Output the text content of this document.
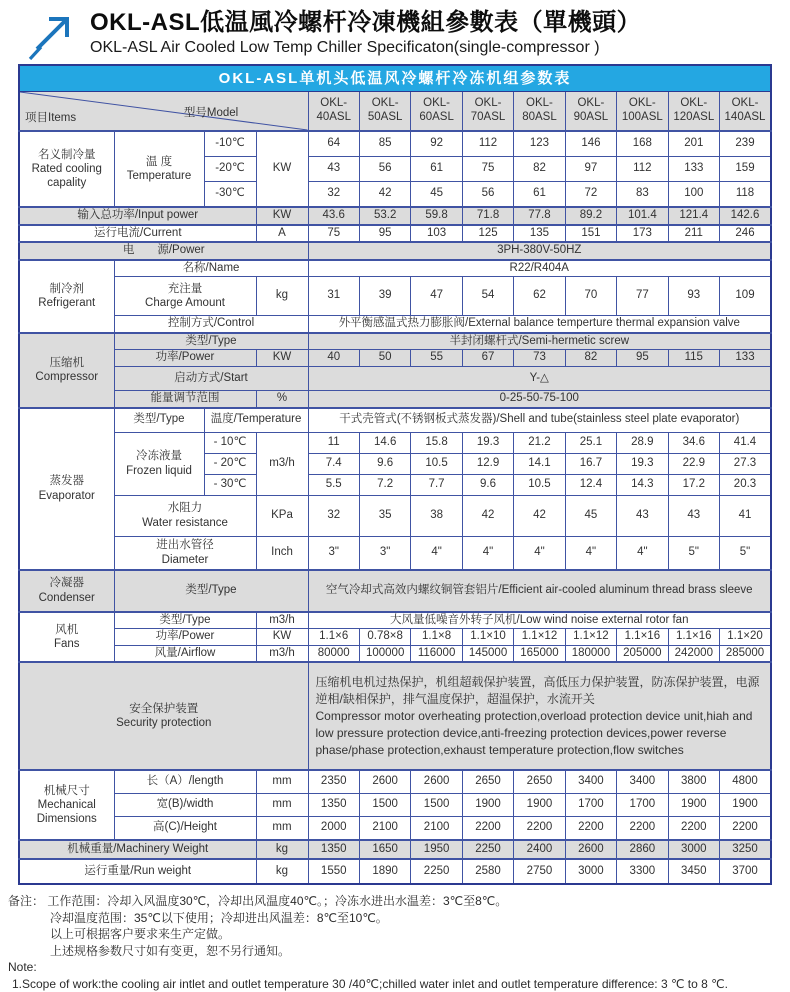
OKL-ASL低温風冷螺杆冷凍機組參數表（單機頭）
OKL-ASL Air Cooled Low Temp Chiller Specificaton(single-compressor )
OKL-ASL单机头低温风冷螺杆冷冻机组参数表												

项目Items 型号Model				OKL-40ASL	OKL-50ASL	OKL-60ASL	OKL-70ASL	OKL-80ASL	OKL-90ASL	OKL-100ASL	OKL-120ASL	OKL-140ASL

名义制冷量
Rated cooling capality

温 度
Temperature
	-10℃	KW	64	85	92	112	123	146	168	201	239
		-20℃		43	56	61	75	82	97	112	133	159
		-30℃		32	42	45	56	61	72	83	100	118
输入总功率/Input power			KW	43.6	53.2	59.8	71.8	77.8	89.2	101.4	121.4	142.6
运行电流/Current			A	75	95	103	125	135	151	173	211	246
电　　源/Power				3PH-380V-50HZ								

制冷剂
Refrigerant	名称/Name			R22/R404A								

	充注量
Charge Amount		kg	31	39	47	54	62	70	77	93	109
	控制方式/Control			外平衡感温式热力膨胀阀/External balance temperture thermal expansion valve								

压缩机
Compressor	类型/Type			半封闭螺杆式/Semi-hermetic screw								
	功率/Power		KW	40	50	55	67	73	82	95	115	133
	启动方式/Start			Y-△								
	能量调节范围		%	0-25-50-75-100								

蒸发器
Evaporator	类型/Type	温度/Temperature		干式壳管式(不锈钢板式蒸发器)/Shell and tube(stainless steel plate evaporator)								

	冷冻液量
Frozen liquid	- 10℃	m3/h	11	14.6	15.8	19.3	21.2	25.1	28.9	34.6	41.4
		- 20℃		7.4	9.6	10.5	12.9	14.1	16.7	19.3	22.9	27.3
		- 30℃		5.5	7.2	7.7	9.6	10.5	12.4	14.3	17.2	20.3

	水阻力
Water resistance		KPa	32	35	38	42	42	45	43	43	41

	进出水管径
Diameter		Inch	3"	3"	4"	4"	4"	4"	4"	5"	5"

冷凝器
Condenser	类型/Type			空气冷却式高效内螺纹铜管套铝片/Efficient air-cooled aluminum thread brass sleeve								

风机
Fans	类型/Type		m3/h	大风量低噪音外转子风机/Low wind noise external rotor fan								
	功率/Power		KW	1.1×6	0.78×8	1.1×8	1.1×10	1.1×12	1.1×12	1.1×16	1.1×16	1.1×20
	风量/Airflow		m3/h	80000	100000	116000	145000	165000	180000	205000	242000	285000

安全保护装置
Security protection

压缩机电机过热保护，机组超载保护装置，高低压力保护装置，防冻保护装置，电源逆相/缺相保护，排气温度保护，超温保护，水流开关
Compressor motor overheating protection,overload protection device unit,hiah and low pressure protection device,anti-freezing protection devices,power reverse phase/phase protection,exhaust temperature protection,flow switches

机械尺寸
Mechanical Dimensions	长（A）/length		mm	2350	2600	2600	2650	2650	3400	3400	3800	4800
	宽(B)/width		mm	1350	1500	1500	1900	1900	1700	1700	1900	1900
	高(C)/Height		mm	2000	2100	2100	2200	2200	2200	2200	2200	2200
机械重量/Machinery Weight			kg	1350	1650	1950	2250	2400	2600	2860	3000	3250
运行重量/Run weight			kg	1550	1890	2250	2580	2750	3000	3300	3450	3700
备注： 工作范围：冷却入风温度30℃，冷却出风温度40℃。；冷冻水进出水温差：3℃至8℃。
冷却温度范围：35℃以下使用；冷却进出风温差：8℃至10℃。
以上可根据客户要求来生产定做。
上述规格参数尺寸如有变更，恕不另行通知。
Note:
1.Scope of work:the cooling air intlet and outlet temperature 30 /40℃;chilled water inlet and outlet temperature difference: 3 ℃ to 8 ℃.
